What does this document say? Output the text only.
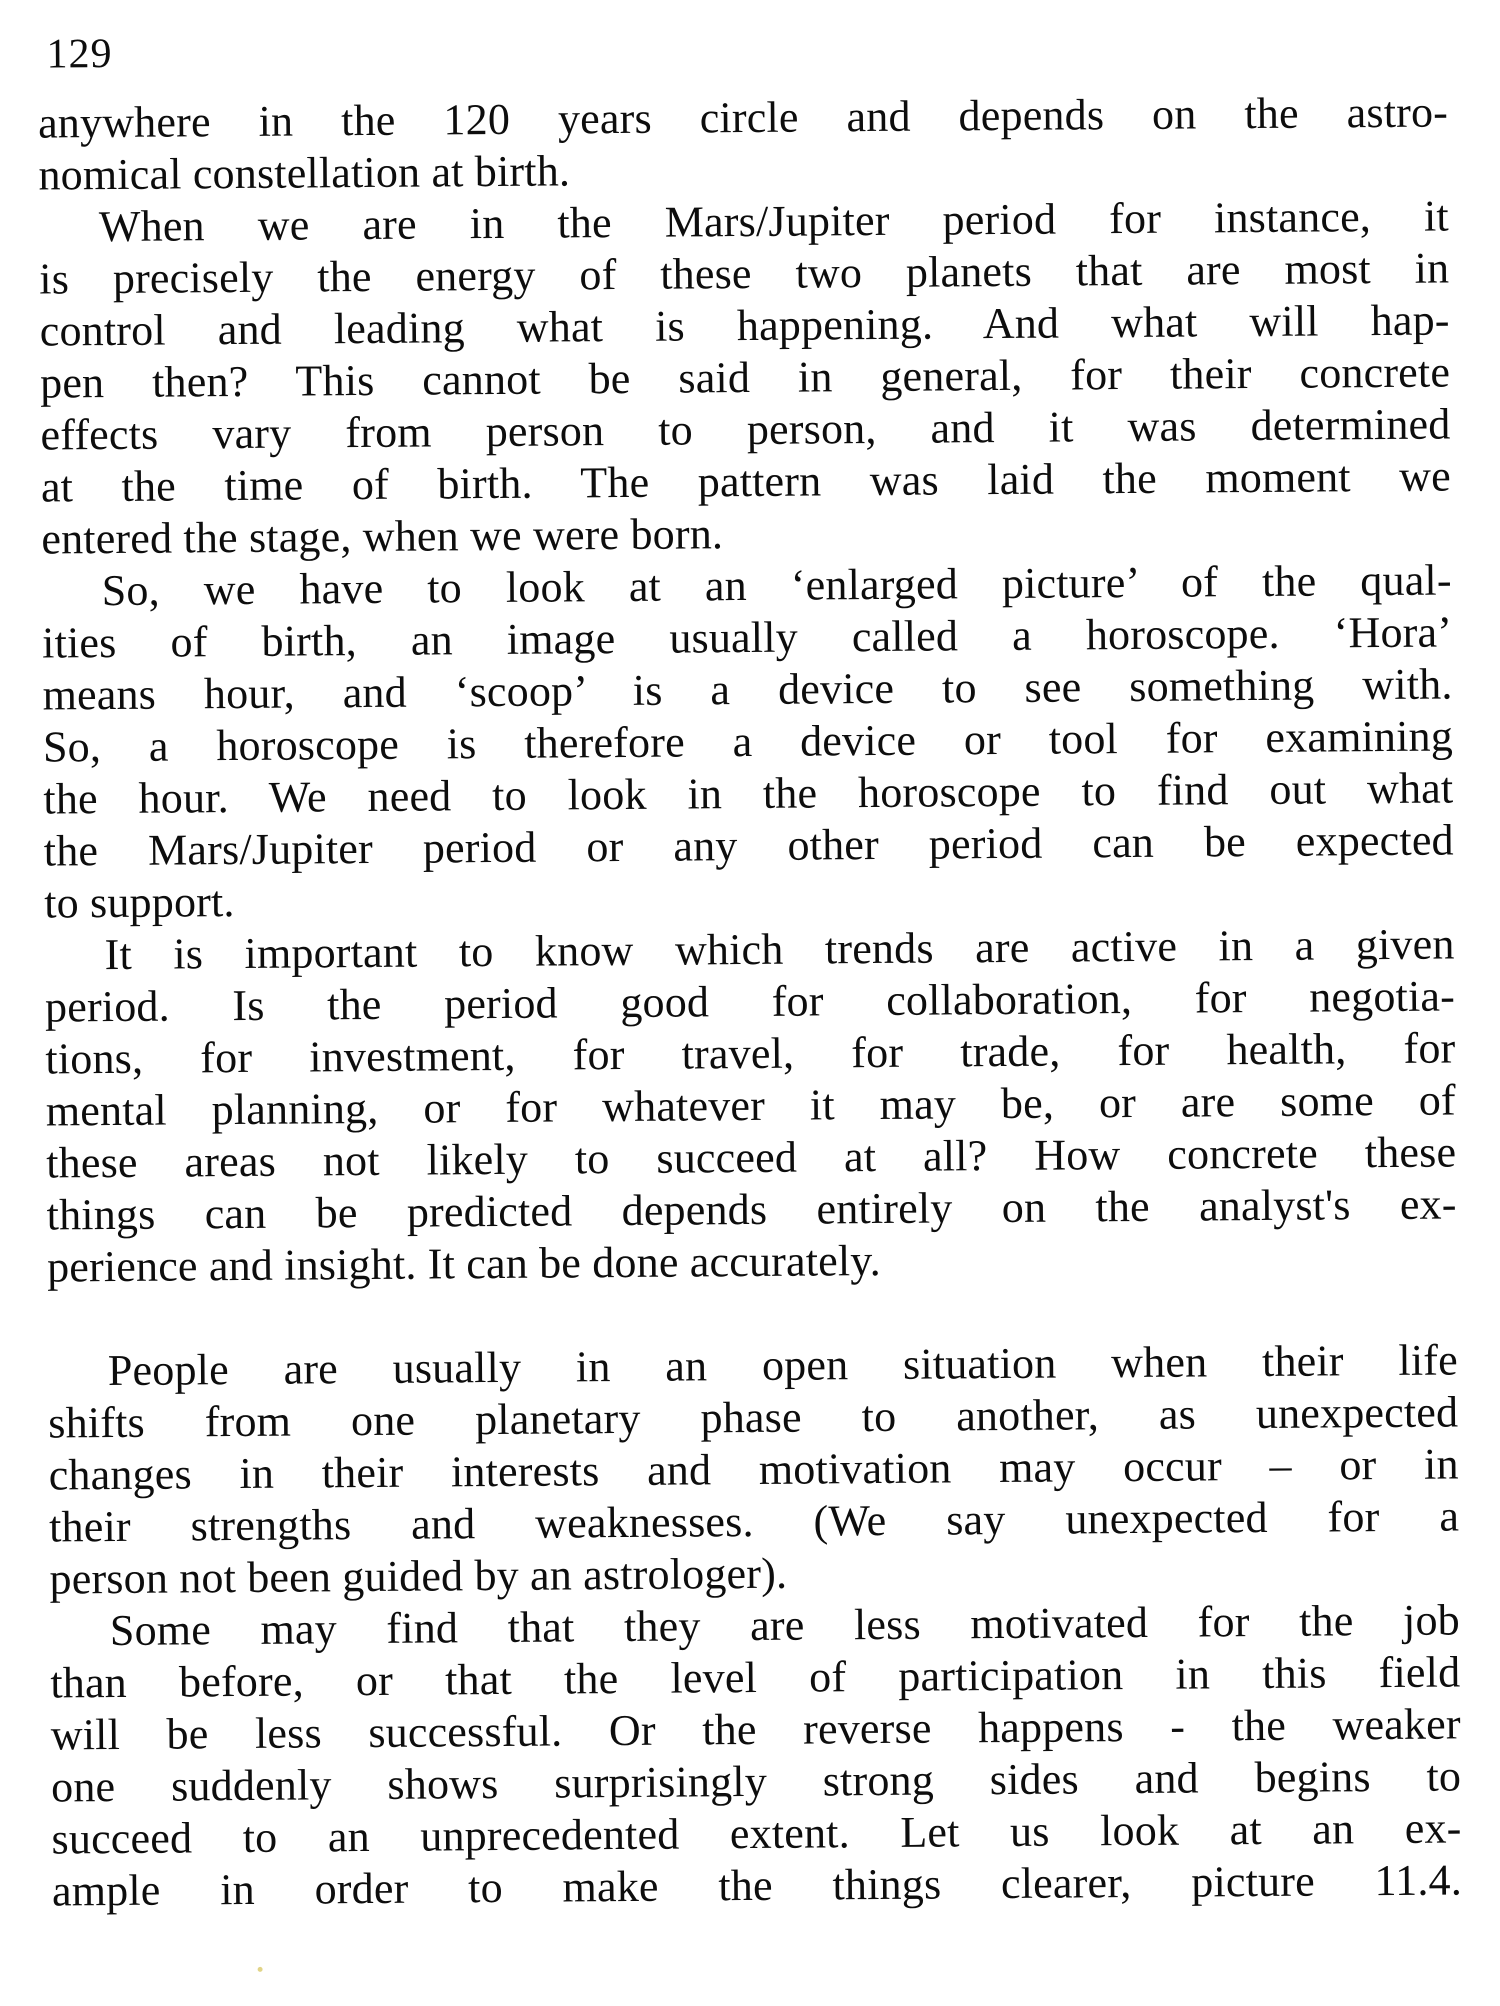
129

anywhere in the 120 years circle and depends on the astro-
nomical constellation at birth.

When we are in the Mars/Jupiter period for instance, it
is precisely the energy of these two planets that are most in
control and leading what is happening. And what will hap-
pen then? This cannot be said in general, for their concrete
effects vary from person to person, and it was determined
at the time of birth. The pattern was laid the moment we
entered the stage, when we were born.

So, we have to look at an ‘enlarged picture’ of the qual-
ities of birth, an image usually called a horoscope. ‘Hora’
means hour, and ‘scoop’ is a device to see something with.
So, a horoscope is therefore a device or tool for examining
the hour. We need to look in the horoscope to find out what
the Mars/Jupiter period or any other period can be expected
to support.

It is important to know which trends are active in a given
period. Is the period good for collaboration, for negotia-
tions, for investment, for travel, for trade, for health, for
mental planning, or for whatever it may be, or are some of
these areas not likely to succeed at all? How concrete these
things can be predicted depends entirely on the analyst's ex-
perience and insight. It can be done accurately.

People are usually in an open situation when their life
shifts from one planetary phase to another, as unexpected
changes in their interests and motivation may occur – or in
their strengths and weaknesses. (We say unexpected for a
person not been guided by an astrologer).

Some may find that they are less motivated for the job
than before, or that the level of participation in this field
will be less successful. Or the reverse happens - the weaker
one suddenly shows surprisingly strong sides and begins to
succeed to an unprecedented extent. Let us look at an ex-
ample in order to make the things clearer, picture 11.4.
